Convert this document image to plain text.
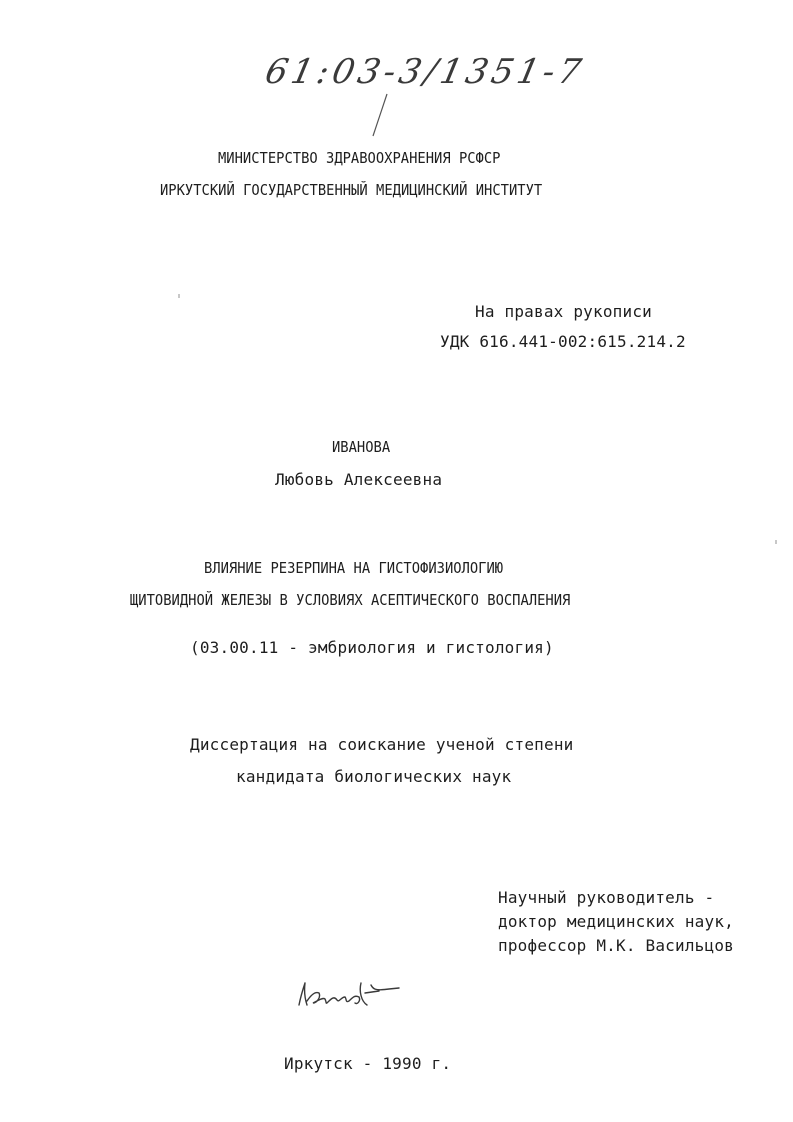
61:03-3/1351-7
МИНИСТЕРСТВО ЗДРАВООХРАНЕНИЯ РСФСР
ИРКУТСКИЙ ГОСУДАРСТВЕННЫЙ МЕДИЦИНСКИЙ ИНСТИТУТ
На правах рукописи
УДК 616.441-002:615.214.2
ИВАНОВА
Любовь Алексеевна
ВЛИЯНИЕ РЕЗЕРПИНА НА ГИСТОФИЗИОЛОГИЮ
ЩИТОВИДНОЙ ЖЕЛЕЗЫ В УСЛОВИЯХ АСЕПТИЧЕСКОГО ВОСПАЛЕНИЯ
(03.00.11 - эмбриология и гистология)
Диссертация на соискание ученой степени
кандидата биологических наук
Научный руководитель -
доктор медицинских наук,
профессор М.К. Васильцов
Иркутск - 1990 г.
